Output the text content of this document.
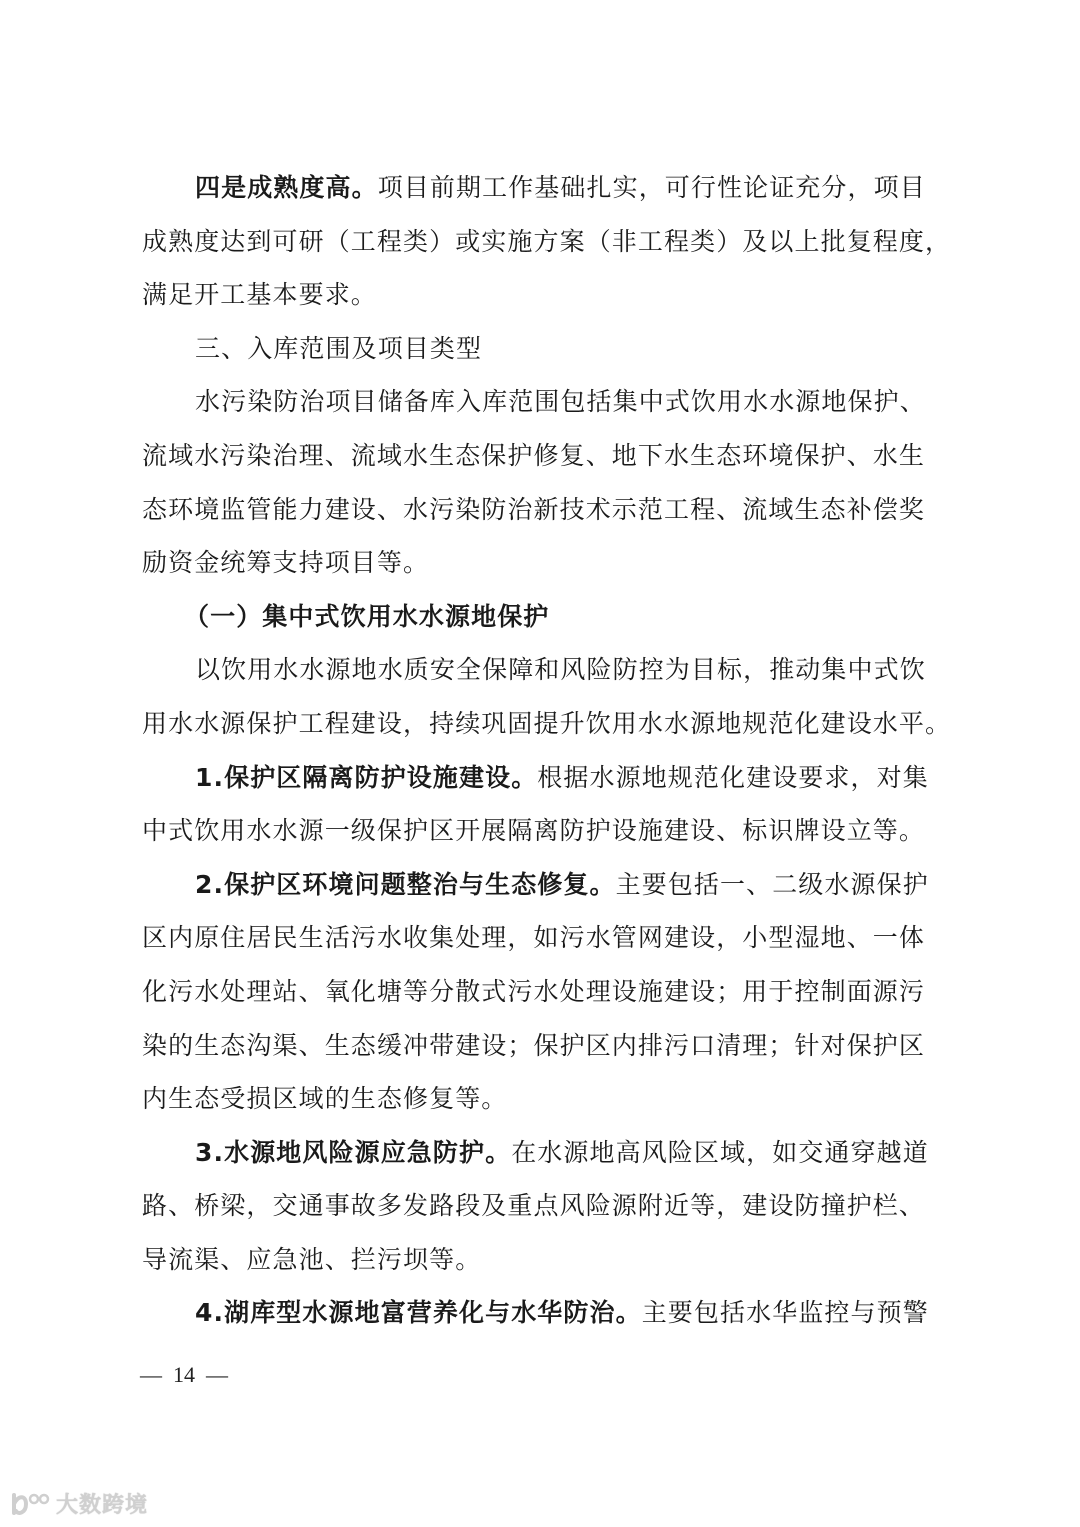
四是成熟度高。项目前期工作基础扎实，可行性论证充分，项目
成熟度达到可研（工程类）或实施方案（非工程类）及以上批复程度，
满足开工基本要求。
三、入库范围及项目类型
水污染防治项目储备库入库范围包括集中式饮用水水源地保护、
流域水污染治理、流域水生态保护修复、地下水生态环境保护、水生
态环境监管能力建设、水污染防治新技术示范工程、流域生态补偿奖
励资金统筹支持项目等。
（一）集中式饮用水水源地保护
以饮用水水源地水质安全保障和风险防控为目标，推动集中式饮
用水水源保护工程建设，持续巩固提升饮用水水源地规范化建设水平。
1.保护区隔离防护设施建设。根据水源地规范化建设要求，对集
中式饮用水水源一级保护区开展隔离防护设施建设、标识牌设立等。
2.保护区环境问题整治与生态修复。主要包括一、二级水源保护
区内原住居民生活污水收集处理，如污水管网建设，小型湿地、一体
化污水处理站、氧化塘等分散式污水处理设施建设；用于控制面源污
染的生态沟渠、生态缓冲带建设；保护区内排污口清理；针对保护区
内生态受损区域的生态修复等。
3.水源地风险源应急防护。在水源地高风险区域，如交通穿越道
路、桥梁，交通事故多发路段及重点风险源附近等，建设防撞护栏、
导流渠、应急池、拦污坝等。
4.湖库型水源地富营养化与水华防治。主要包括水华监控与预警
—  14  —
大数跨境
